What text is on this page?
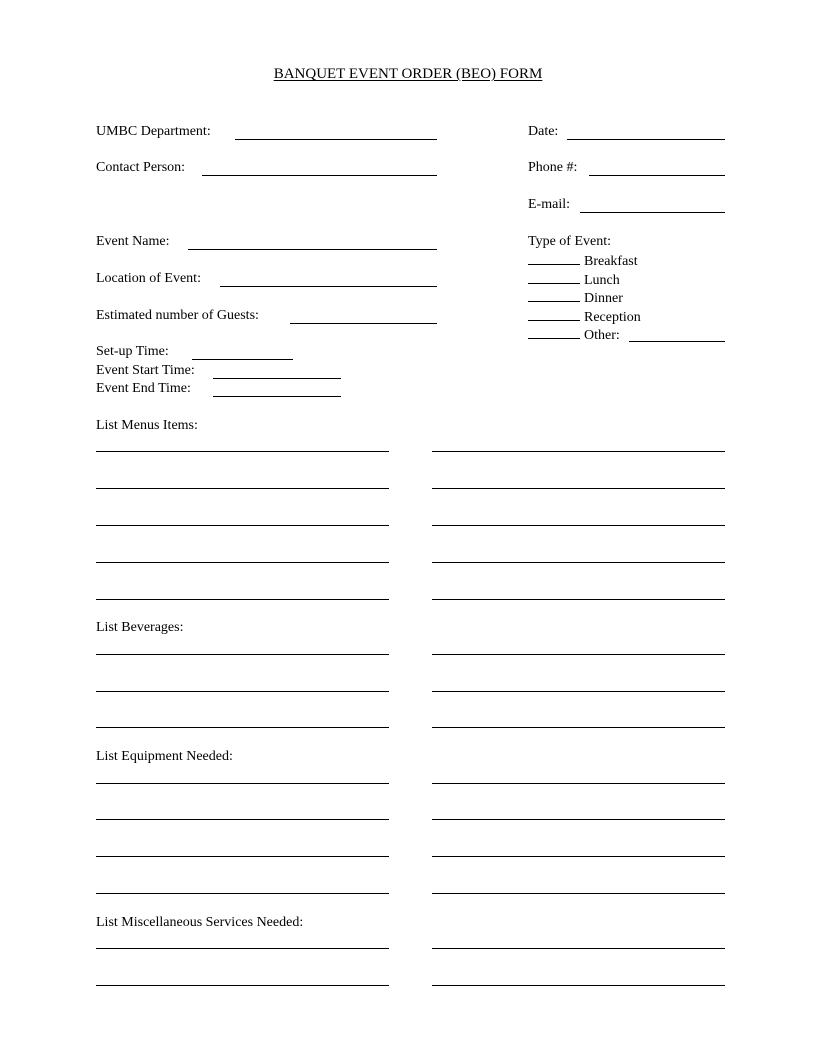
BANQUET EVENT ORDER (BEO) FORM
UMBC Department:
Contact Person:
Event Name:
Location of Event:
Estimated number of Guests:
Set-up Time:
Event Start Time:
Event End Time:
Date:
Phone #:
E-mail:
Type of Event:
Breakfast
Lunch
Dinner
Reception
Other:
List Menus Items:
List Beverages:
List Equipment Needed:
List Miscellaneous Services Needed:
